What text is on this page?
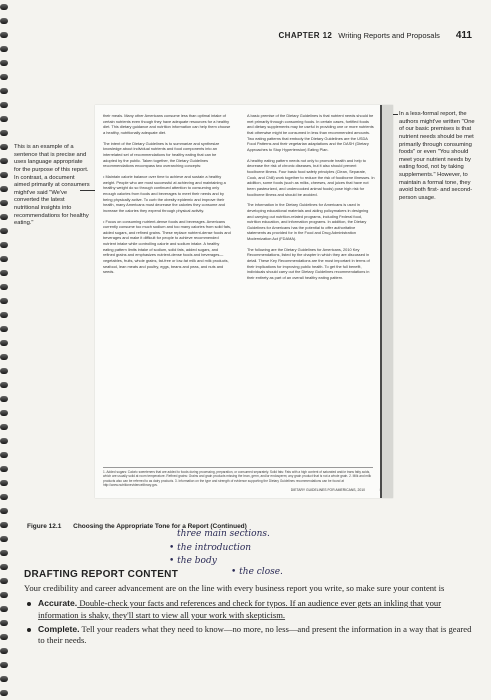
CHAPTER 12 Writing Reports and Proposals 411
This is an example of a sentence that is precise and uses language appropriate for the purpose of this report. In contrast, a document aimed primarily at consumers might've said "We've converted the latest nutritional insights into recommendations for healthy eating."
In a less-formal report, the authors might've written "One of our basic premises is that nutrient needs should be met primarily through consuming foods" or even "You should meet your nutrient needs by eating food, not by taking supplements." However, to maintain a formal tone, they avoid both first- and second-person usage.

their meals. Many other Americans consume less than optimal intake of certain nutrients even though they have adequate resources for a healthy diet. This dietary guidance and nutrition information can help them choose a healthy, nutritionally adequate diet.

The intent of the Dietary Guidelines is to summarize and synthesize knowledge about individual nutrients and food components into an interrelated set of recommendations for healthy eating that can be adopted by the public. Taken together, the Dietary Guidelines recommendations encompass two overarching concepts:

• Maintain calorie balance over time to achieve and sustain a healthy weight. People who are most successful at achieving and maintaining a healthy weight do so through continued attention to consuming only enough calories from foods and beverages to meet their needs and by being physically active. To curb the obesity epidemic and improve their health, many Americans must decrease the calories they consume and increase the calories they expend through physical activity.

• Focus on consuming nutrient-dense foods and beverages. Americans currently consume too much sodium and too many calories from solid fats, added sugars, and refined grains. These replace nutrient-dense foods and beverages and make it difficult for people to achieve recommended nutrient intake while controlling calorie and sodium intake. A healthy eating pattern limits intake of sodium, solid fats, added sugars, and refined grains and emphasizes nutrient-dense foods and beverages—vegetables, fruits, whole grains, fat-free or low-fat milk and milk products, seafood, lean meats and poultry, eggs, beans and peas, and nuts and seeds.

A basic premise of the Dietary Guidelines is that nutrient needs should be met primarily through consuming foods. In certain cases, fortified foods and dietary supplements may be useful in providing one or more nutrients that otherwise might be consumed in less than recommended amounts. Two eating patterns that embody the Dietary Guidelines are the USDA Food Patterns and their vegetarian adaptations and the DASH (Dietary Approaches to Stop Hypertension) Eating Plan.

A healthy eating pattern needs not only to promote health and help to decrease the risk of chronic diseases, but it also should prevent foodborne illness. Four basic food safety principles (Clean, Separate, Cook, and Chill) work together to reduce the risk of foodborne illnesses. In addition, some foods (such as milks, cheeses, and juices that have not been pasteurized, and undercooked animal foods) pose high risk for foodborne illness and should be avoided.

The information in the Dietary Guidelines for Americans is used in developing educational materials and aiding policymakers in designing and carrying out nutrition-related programs, including Federal food, nutrition education, and information programs. In addition, the Dietary Guidelines for Americans has the potential to offer authoritative statements as provided for in the Food and Drug Administration Modernization Act (FDAMA).

The following are the Dietary Guidelines for Americans, 2010 Key Recommendations, listed by the chapter in which they are discussed in detail. These Key Recommendations are the most important in terms of their implications for improving public health. To get the full benefit, individuals should carry out the Dietary Guidelines recommendations in their entirety as part of an overall healthy eating pattern.

1. Added sugars: Caloric sweeteners that are added to foods during processing, preparation, or consumed separately. Solid fats: Fats with a high content of saturated and/or trans fatty acids, which are usually solid at room temperature. Refined grains: Grains and grain products missing the bran, germ, and/or endosperm; any grain product that is not a whole grain. 2. Milk and milk products also can be referred to as dairy products. 3. Information on the type and strength of evidence supporting the Dietary Guidelines recommendations can be found at http://www.nutritionevidencelibrary.gov.
DIETARY GUIDELINES FOR AMERICANS, 2010
Figure 12.1 Choosing the Appropriate Tone for a Report (Continued)
three main sections.
• the introduction
• the body
• the close.
DRAFTING REPORT CONTENT

Your credibility and career advancement are on the line with every business report you write, so make sure your content is

Accurate. Double-check your facts and references and check for typos. If an audience ever gets an inkling that your information is shaky, they'll start to view all your work with skepticism.
Complete. Tell your readers what they need to know—no more, no less—and present the information in a way that is geared to their needs.
